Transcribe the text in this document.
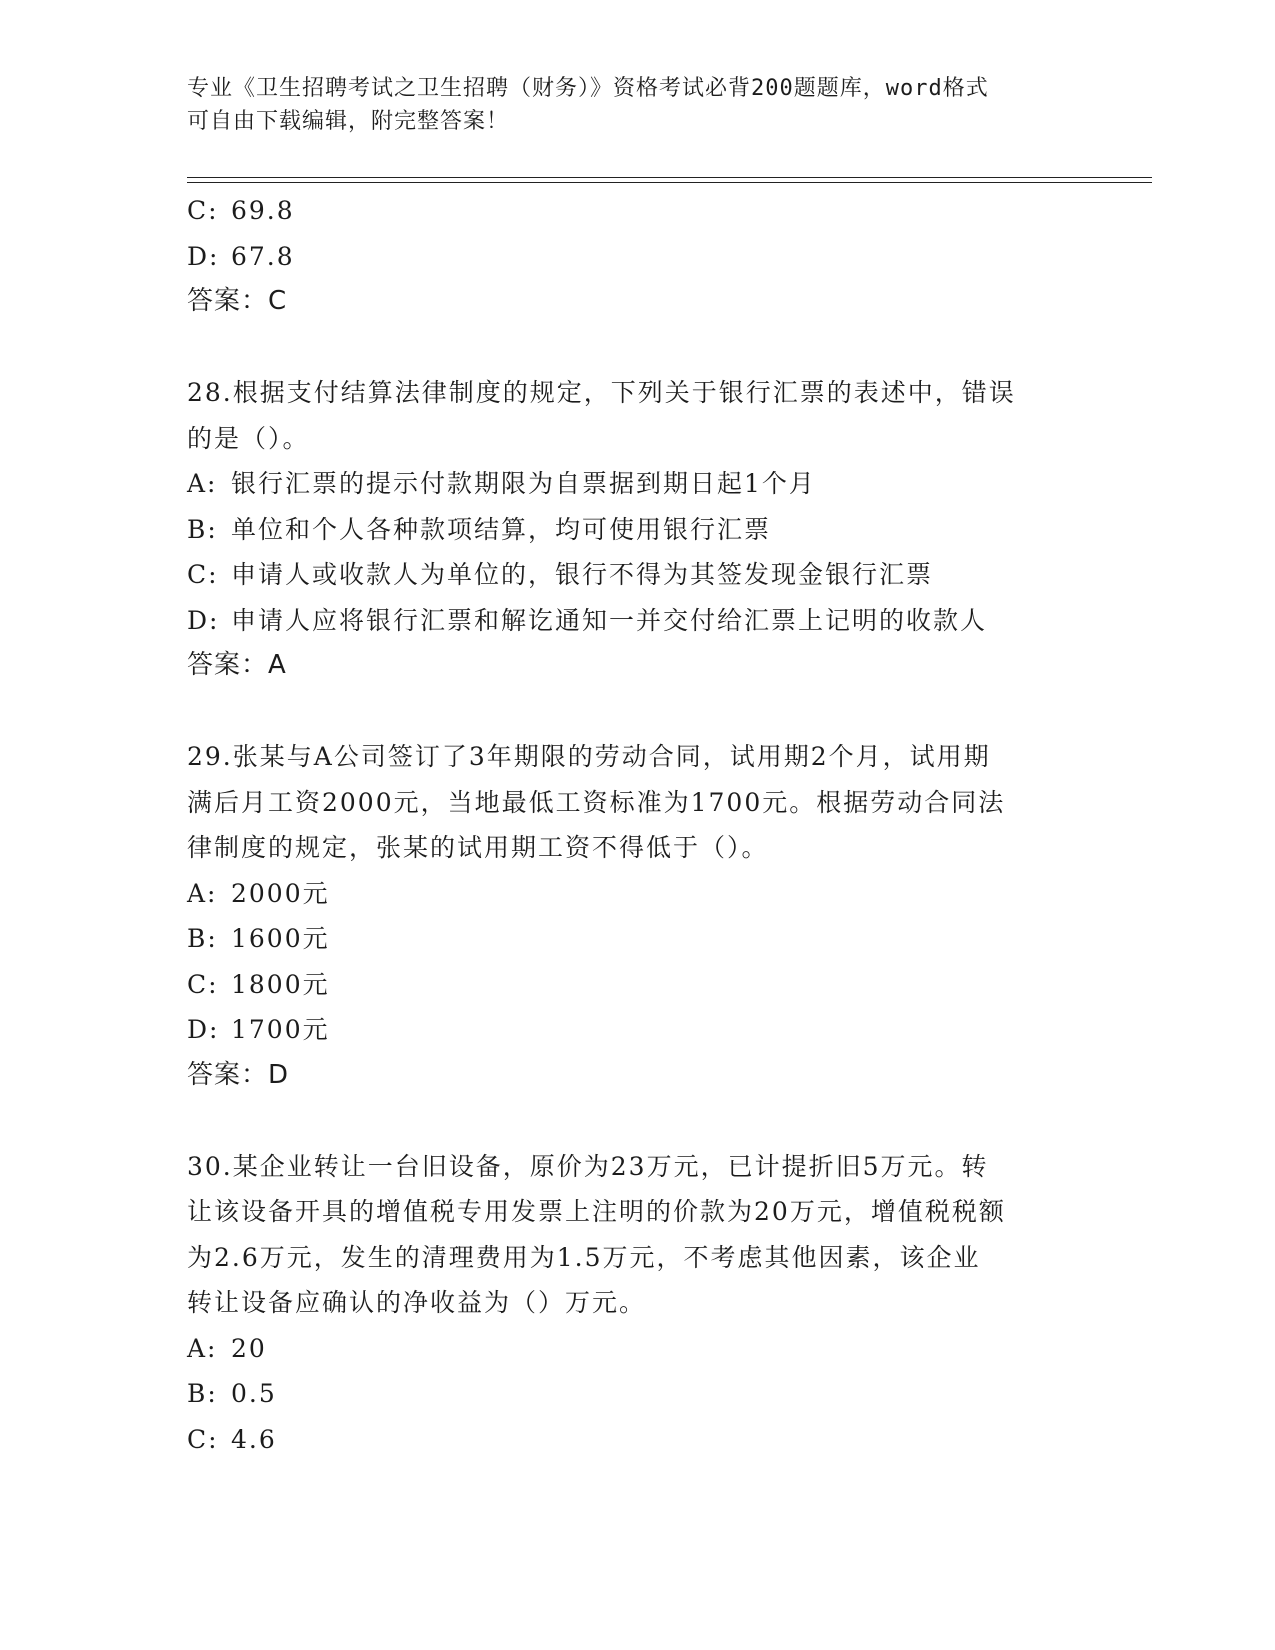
专业《卫生招聘考试之卫生招聘（财务）》资格考试必背200题题库，word格式
可自由下载编辑，附完整答案！
C: 69.8
D: 67.8
答案：C
28.根据支付结算法律制度的规定，下列关于银行汇票的表述中，错误
的是（）。
A: 银行汇票的提示付款期限为自票据到期日起1个月
B: 单位和个人各种款项结算，均可使用银行汇票
C: 申请人或收款人为单位的，银行不得为其签发现金银行汇票
D: 申请人应将银行汇票和解讫通知一并交付给汇票上记明的收款人
答案：A
29.张某与A公司签订了3年期限的劳动合同，试用期2个月，试用期
满后月工资2000元，当地最低工资标准为1700元。根据劳动合同法
律制度的规定，张某的试用期工资不得低于（）。
A: 2000元
B: 1600元
C: 1800元
D: 1700元
答案：D
30.某企业转让一台旧设备，原价为23万元，已计提折旧5万元。转
让该设备开具的增值税专用发票上注明的价款为20万元，增值税税额
为2.6万元，发生的清理费用为1.5万元，不考虑其他因素，该企业
转让设备应确认的净收益为（）万元。
A: 20
B: 0.5
C: 4.6
